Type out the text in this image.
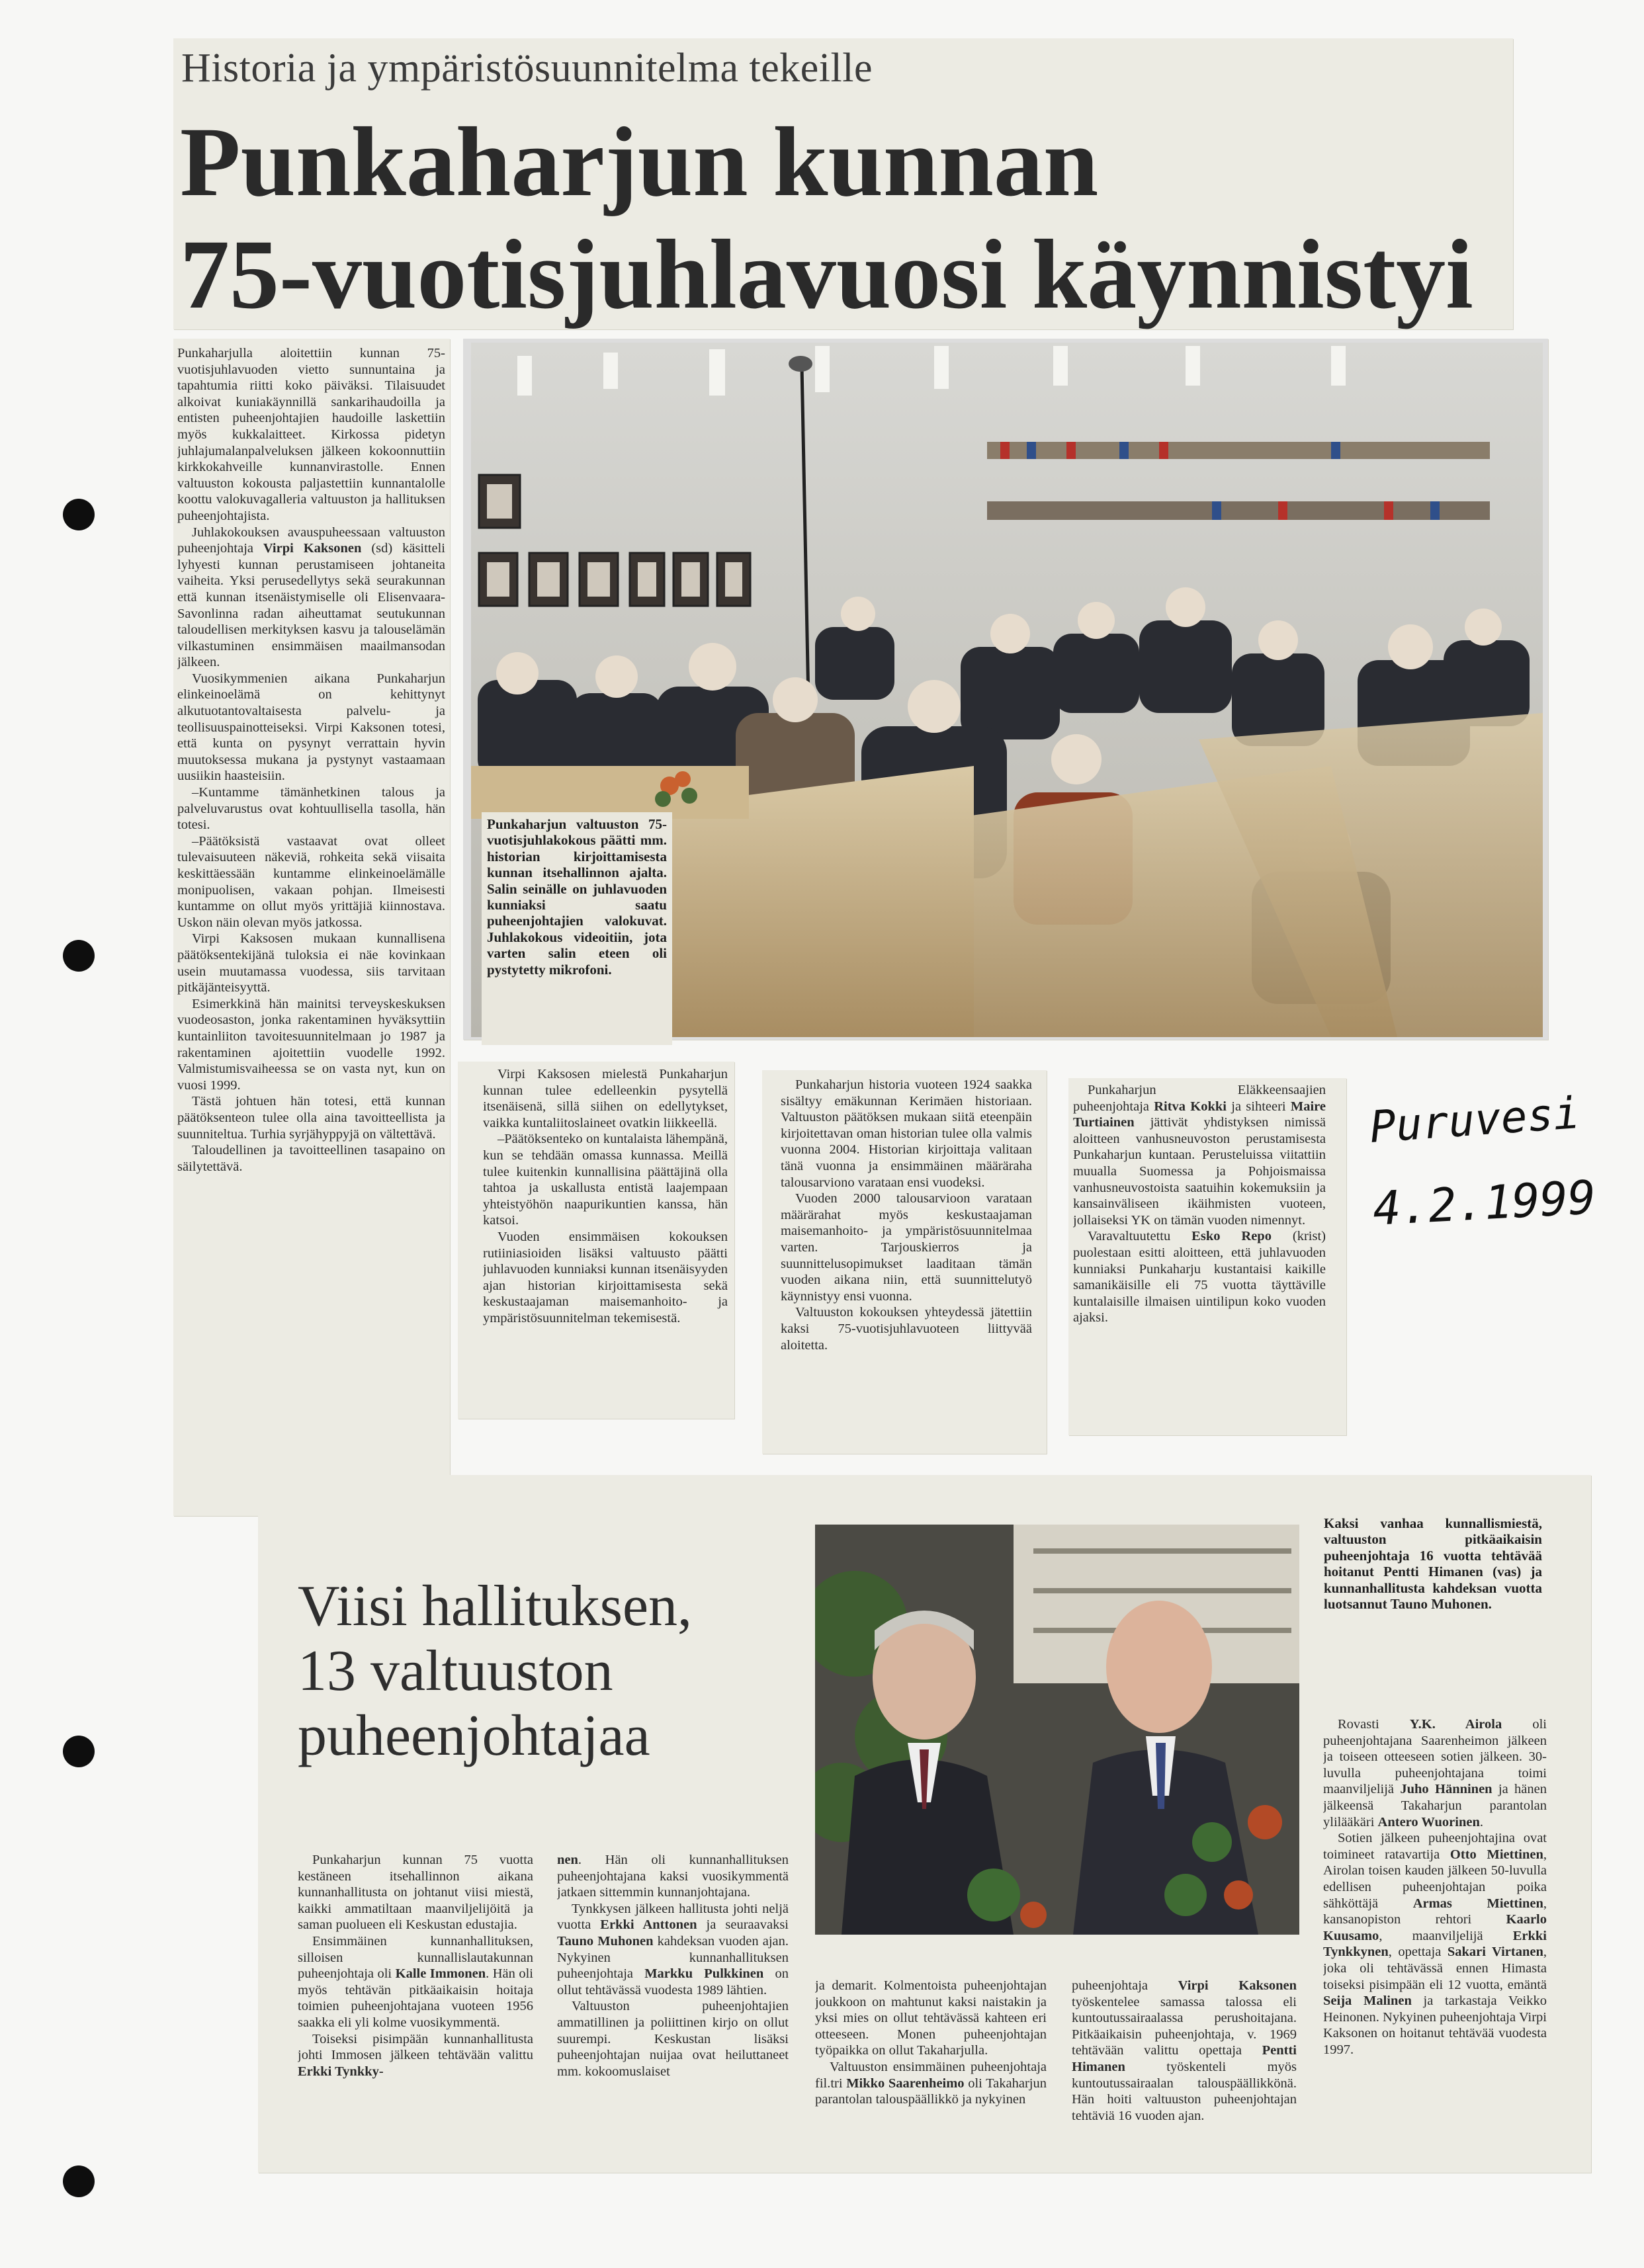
Historia ja ympäristösuunnitelma tekeille
Punkaharjun kunnan
75-vuotisjuhlavuosi käynnistyi

Punkaharjulla aloitettiin kunnan 75-vuotisjuhlavuoden vietto sunnuntaina ja tapahtumia riitti koko päiväksi. Tilaisuudet alkoivat kuniakäynnillä sankarihaudoilla ja entisten puheenjohtajien haudoille laskettiin myös kukkalaitteet. Kirkossa pidetyn juhlajumalanpalveluksen jälkeen kokoonnuttiin kirkkokahveille kunnanvirastolle. Ennen valtuuston kokousta paljastettiin kunnantalolle koottu valokuvagalleria valtuuston ja hallituksen puheenjohtajista.

Juhlakokouksen avauspuheessaan valtuuston puheenjohtaja Virpi Kaksonen (sd) käsitteli lyhyesti kunnan perustamiseen johtaneita vaiheita. Yksi perusedellytys sekä seurakunnan että kunnan itsenäistymiselle oli Elisenvaara-Savonlinna radan aiheuttamat seutukunnan taloudellisen merkityksen kasvu ja talouselämän vilkastuminen ensimmäisen maailmansodan jälkeen.

Vuosikymmenien aikana Punkaharjun elinkeinoelämä on kehittynyt alkutuotantovaltaisesta palvelu- ja teollisuuspainotteiseksi. Virpi Kaksonen totesi, että kunta on pysynyt verrattain hyvin muutoksessa mukana ja pystynyt vastaamaan uusiikin haasteisiin.

–Kuntamme tämänhetkinen talous ja palveluvarustus ovat kohtuullisella tasolla, hän totesi.

–Päätöksistä vastaavat ovat olleet tulevaisuuteen näkeviä, rohkeita sekä viisaita keskittäessään kuntamme elinkeinoelämälle monipuolisen, vakaan pohjan. Ilmeisesti kuntamme on ollut myös yrittäjiä kiinnostava. Uskon näin olevan myös jatkossa.

Virpi Kaksosen mukaan kunnallisena päätöksentekijänä tuloksia ei näe kovinkaan usein muutamassa vuodessa, siis tarvitaan pitkäjänteisyyttä.

Esimerkkinä hän mainitsi terveyskeskuksen vuodeosaston, jonka rakentaminen hyväksyttiin kuntainliiton tavoitesuunnitelmaan jo 1987 ja rakentaminen ajoitettiin vuodelle 1992. Valmistumisvaiheessa se on vasta nyt, kun on vuosi 1999.

Tästä johtuen hän totesi, että kunnan päätöksenteon tulee olla aina tavoitteellista ja suunniteltua. Turhia syrjähyppyjä on vältettävä.

Taloudellinen ja tavoitteellinen tasapaino on säilytettävä.

Punkaharjun valtuuston 75-vuotisjuhlakokous päätti mm. historian kirjoittamisesta kunnan itsehallinnon ajalta. Salin seinälle on juhlavuoden kunniaksi saatu puheenjohtajien valokuvat. Juhlakokous videoitiin, jota varten salin eteen oli pystytetty mikrofoni.

Virpi Kaksosen mielestä Punkaharjun kunnan tulee edelleenkin pysytellä itsenäisenä, sillä siihen on edellytykset, vaikka kuntaliitoslaineet ovatkin liikkeellä.

–Päätöksenteko on kuntalaista lähempänä, kun se tehdään omassa kunnassa. Meillä tulee kuitenkin kunnallisina päättäjinä olla tahtoa ja uskallusta entistä laajempaan yhteistyöhön naapurikuntien kanssa, hän katsoi.

Vuoden ensimmäisen kokouksen rutiiniasioiden lisäksi valtuusto päätti juhlavuoden kunniaksi kunnan itsenäisyyden ajan historian kirjoittamisesta sekä keskustaajaman maisemanhoito- ja ympäristösuunnitelman tekemisestä.

Punkaharjun historia vuoteen 1924 saakka sisältyy emäkunnan Kerimäen historiaan. Valtuuston päätöksen mukaan siitä eteenpäin kirjoitettavan oman historian tulee olla valmis vuonna 2004. Historian kirjoittaja valitaan tänä vuonna ja ensimmäinen määräraha talousarviono varataan ensi vuodeksi.

Vuoden 2000 talousarvioon varataan määrärahat myös keskustaajaman maisemanhoito- ja ympäristösuunnitelmaa varten. Tarjouskierros ja suunnittelusopimukset laaditaan tämän vuoden aikana niin, että suunnittelutyö käynnistyy ensi vuonna.

Valtuuston kokouksen yhteydessä jätettiin kaksi 75-vuotisjuhlavuoteen liittyvää aloitetta.

Punkaharjun Eläkkeensaajien puheenjohtaja Ritva Kokki ja sihteeri Maire Turtiainen jättivät yhdistyksen nimissä aloitteen vanhusneuvoston perustamisesta Punkaharjun kuntaan. Perusteluissa viitattiin muualla Suomessa ja Pohjoismaissa vanhusneuvostoista saatuihin kokemuksiin ja kansainväliseen ikäihmisten vuoteen, jollaiseksi YK on tämän vuoden nimennyt.

Varavaltuutettu Esko Repo (krist) puolestaan esitti aloitteen, että juhlavuoden kunniaksi Punkaharju kustantaisi kaikille samanikäisille eli 75 vuotta täyttäville kuntalaisille ilmaisen uintilipun koko vuoden ajaksi.

Puruvesi
4.2.1999
Viisi hallituksen,
13 valtuuston
puheenjohtajaa
Kaksi vanhaa kunnallismiestä, valtuuston pitkäaikaisin puheenjohtaja 16 vuotta tehtävää hoitanut Pentti Himanen (vas) ja kunnanhallitusta kahdeksan vuotta luotsannut Tauno Muhonen.

Punkaharjun kunnan 75 vuotta kestäneen itsehallinnon aikana kunnanhallitusta on johtanut viisi miestä, kaikki ammatiltaan maanviljelijöitä ja saman puolueen eli Keskustan edustajia.

Ensimmäinen kunnanhallituksen, silloisen kunnallislautakunnan puheenjohtaja oli Kalle Immonen. Hän oli myös tehtävän pitkäaikaisin hoitaja toimien puheenjohtajana vuoteen 1956 saakka eli yli kolme vuosikymmentä.

Toiseksi pisimpään kunnanhallitusta johti Immosen jälkeen tehtävään valittu Erkki Tynkky-

nen. Hän oli kunnanhallituksen puheenjohtajana kaksi vuosikymmentä jatkaen sittemmin kunnanjohtajana.

Tynkkysen jälkeen hallitusta johti neljä vuotta Erkki Anttonen ja seuraavaksi Tauno Muhonen kahdeksan vuoden ajan. Nykyinen kunnanhallituksen puheenjohtaja Markku Pulkkinen on ollut tehtävässä vuodesta 1989 lähtien.

Valtuuston puheenjohtajien ammatillinen ja poliittinen kirjo on ollut suurempi. Keskustan lisäksi puheenjohtajan nuijaa ovat heiluttaneet mm. kokoomuslaiset

ja demarit. Kolmentoista puheenjohtajan joukkoon on mahtunut kaksi naistakin ja yksi mies on ollut tehtävässä kahteen eri otteeseen. Monen puheenjohtajan työpaikka on ollut Takaharjulla.

Valtuuston ensimmäinen puheenjohtaja fil.tri Mikko Saarenheimo oli Takaharjun parantolan talouspäällikkö ja nykyinen

puheenjohtaja Virpi Kaksonen työskentelee samassa talossa eli kuntoutussairaalassa perushoitajana. Pitkäaikaisin puheenjohtaja, v. 1969 tehtävään valittu opettaja Pentti Himanen työskenteli myös kuntoutussairaalan talouspäällikkönä. Hän hoiti valtuuston puheenjohtajan tehtäviä 16 vuoden ajan.

Rovasti Y.K. Airola oli puheenjohtajana Saarenheimon jälkeen ja toiseen otteeseen sotien jälkeen. 30-luvulla puheenjohtajana toimi maanviljelijä Juho Hänninen ja hänen jälkeensä Takaharjun parantolan ylilääkäri Antero Wuorinen.

Sotien jälkeen puheenjohtajina ovat toimineet ratavartija Otto Miettinen, Airolan toisen kauden jälkeen 50-luvulla edellisen puheenjohtajan poika sähköttäjä Armas Miettinen, kansanopiston rehtori Kaarlo Kuusamo, maanviljelijä Erkki Tynkkynen, opettaja Sakari Virtanen, joka oli tehtävässä ennen Himasta toiseksi pisimpään eli 12 vuotta, emäntä Seija Malinen ja tarkastaja Veikko Heinonen. Nykyinen puheenjohtaja Virpi Kaksonen on hoitanut tehtävää vuodesta 1997.
